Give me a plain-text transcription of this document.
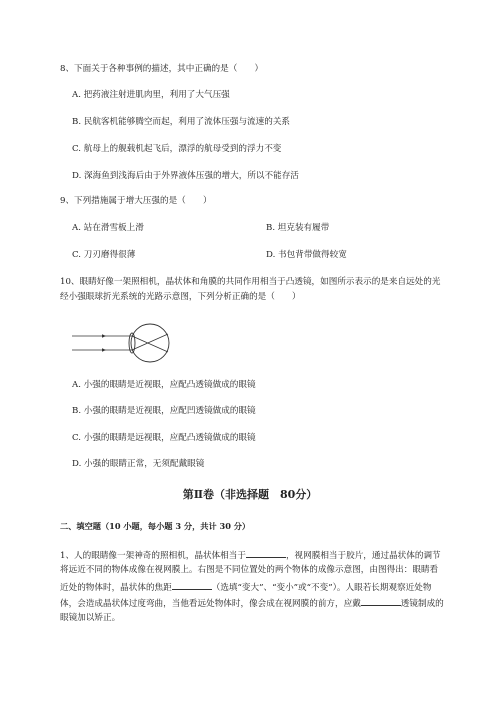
8、下面关于各种事例的描述，其中正确的是（　　）
A. 把药液注射进肌肉里，利用了大气压强
B. 民航客机能够腾空而起，利用了流体压强与流速的关系
C. 航母上的舰载机起飞后，漂浮的航母受到的浮力不变
D. 深海鱼到浅海后由于外界液体压强的增大，所以不能存活
9、下列措施属于增大压强的是（　　）
A. 站在滑雪板上滑	B. 坦克装有履带
C. 刀刃磨得很薄	D. 书包背带做得较宽
10、眼睛好像一架照相机，晶状体和角膜的共同作用相当于凸透镜，如图所示表示的是来自远处的光
经小强眼球折光系统的光路示意图，下列分析正确的是（　　）
A. 小强的眼睛是近视眼，应配凸透镜做成的眼镜
B. 小强的眼睛是近视眼，应配凹透镜做成的眼镜
C. 小强的眼睛是远视眼，应配凸透镜做成的眼镜
D. 小强的眼睛正常，无须配戴眼镜
第Ⅱ卷（非选择题　80分）
二、填空题（10 小题，每小题 3 分，共计 30 分）
1、人的眼睛像一架神奇的照相机，晶状体相当于	，视网膜相当于胶片，通过晶状体的调节
将远近不同的物体成像在视网膜上。右图是不同位置处的两个物体的成像示意图，由图得出：眼睛看
近处的物体时，晶状体的焦距	（选填“变大”、“变小”或“不变”）。人眼若长期观察近处物
体，会造成晶状体过度弯曲，当他看远处物体时，像会成在视网膜的前方，应戴	透镜制成的
眼镜加以矫正。
